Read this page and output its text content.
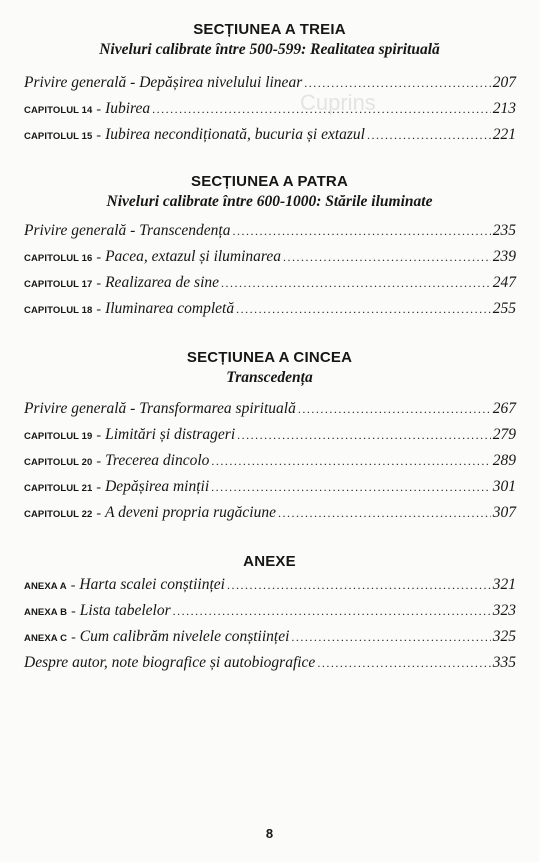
Cuprins
SECȚIUNEA A TREIA
Niveluri calibrate între 500-599: Realitatea spirituală
Privire generală - Depășirea nivelului linear .....	207
CAPITOLUL 14 - Iubirea .....	213
CAPITOLUL 15 - Iubirea necondiționată, bucuria și extazul .....	221
SECȚIUNEA A PATRA
Niveluri calibrate între 600-1000: Stările iluminate
Privire generală - Transcendența .....	235
CAPITOLUL 16 - Pacea, extazul și iluminarea .....	239
CAPITOLUL 17 - Realizarea de sine .....	247
CAPITOLUL 18 - Iluminarea completă .....	255
SECȚIUNEA A CINCEA
Transcedența
Privire generală - Transformarea spirituală .....	267
CAPITOLUL 19 - Limitări și distrageri .....	279
CAPITOLUL 20 - Trecerea dincolo .....	289
CAPITOLUL 21 - Depășirea minții .....	301
CAPITOLUL 22 - A deveni propria rugăciune .....	307
ANEXE
ANEXA A - Harta scalei conștiinței .....	321
ANEXA B - Lista tabelelor .....	323
ANEXA C - Cum calibrăm nivelele conștiinței .....	325
Despre autor, note biografice și autobiografice .....	335
8
